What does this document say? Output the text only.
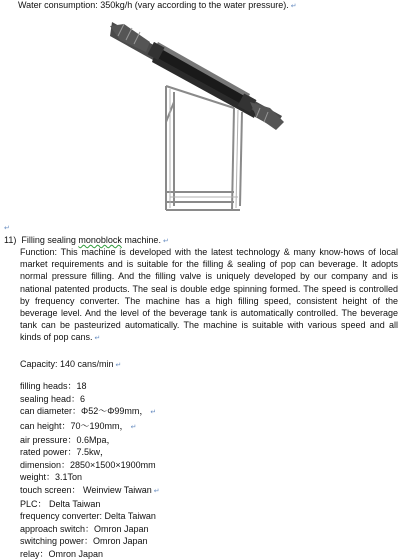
Water consumption: 350kg/h (vary according to the water pressure). ↵
↵
11) Filling sealing monoblock machine. ↵
Function: This machine is developed with the latest technology & many know-hows of local market requirements and is suitable for the filling & sealing of pop can beverage. It adopts normal pressure filling. And the filling valve is uniquely developed by our company and is national patented products. The seal is double edge spinning formed. The speed is controlled by frequency converter. The machine has a high filling speed, consistent height of the beverage level. And the level of the beverage tank is automatically controlled. The beverage tank can be pasteurized automatically. The machine is suitable with various speed and all kinds of pop cans. ↵
Capacity: 140 cans/min ↵
filling heads：18
sealing head：6
can diameter：Φ52～Φ99mm， ↵
can height：70～190mm， ↵
air pressure：0.6Mpa，
rated power：7.5kw，
dimension：2850×1500×1900mm
weight：3.1Ton
touch screen： Weinview Taiwan ↵
PLC： Delta Taiwan
frequency converter: Delta Taiwan
approach switch：Omron Japan
switching power：Omron Japan
relay：Omron Japan
